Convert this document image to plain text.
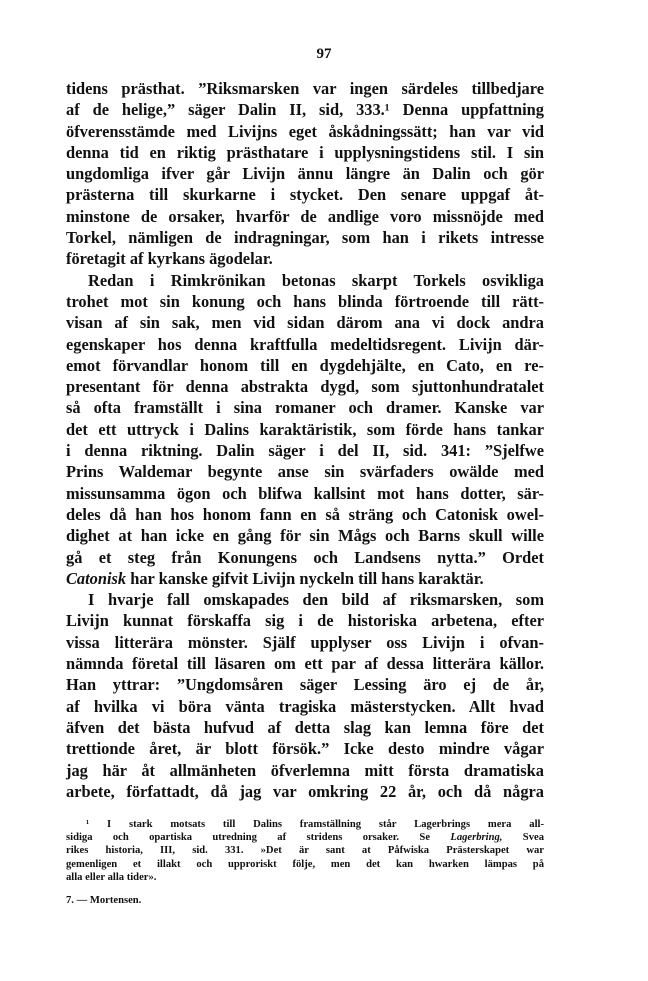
97
tidens prästhat. ”Riksmarsken var ingen särdeles tillbedjare
af de helige,” säger Dalin II, sid, 333.¹ Denna uppfattning
öfverensstämde med Livijns eget åskådningssätt; han var vid
denna tid en riktig prästhatare i upplysningstidens stil. I sin
ungdomliga ifver går Livijn ännu längre än Dalin och gör
prästerna till skurkarne i stycket. Den senare uppgaf åt-
minstone de orsaker, hvarför de andlige voro missnöjde med
Torkel, nämligen de indragningar, som han i rikets intresse
företagit af kyrkans ägodelar.
Redan i Rimkrönikan betonas skarpt Torkels osvikliga
trohet mot sin konung och hans blinda förtroende till rätt-
visan af sin sak, men vid sidan därom ana vi dock andra
egenskaper hos denna kraftfulla medeltidsregent. Livijn där-
emot förvandlar honom till en dygdehjälte, en Cato, en re-
presentant för denna abstrakta dygd, som sjuttonhundratalet
så ofta framställt i sina romaner och dramer. Kanske var
det ett uttryck i Dalins karaktäristik, som förde hans tankar
i denna riktning. Dalin säger i del II, sid. 341: ”Sjelfwe
Prins Waldemar begynte anse sin svärfaders owälde med
missunsamma ögon och blifwa kallsint mot hans dotter, sär-
deles då han hos honom fann en så sträng och Catonisk owel-
dighet at han icke en gång för sin Mågs och Barns skull wille
gå et steg från Konungens och Landsens nytta.” Ordet
Catonisk har kanske gifvit Livijn nyckeln till hans karaktär.
I hvarje fall omskapades den bild af riksmarsken, som
Livijn kunnat förskaffa sig i de historiska arbetena, efter
vissa litterära mönster. Själf upplyser oss Livijn i ofvan-
nämnda företal till läsaren om ett par af dessa litterära källor.
Han yttrar: ”Ungdomsåren säger Lessing äro ej de år,
af hvilka vi böra vänta tragiska mästerstycken. Allt hvad
äfven det bästa hufvud af detta slag kan lemna före det
trettionde året, är blott försök.” Icke desto mindre vågar
jag här åt allmänheten öfverlemna mitt första dramatiska
arbete, författadt, då jag var omkring 22 år, och då några
¹ I stark motsats till Dalins framställning står Lagerbrings mera all-
sidiga och opartiska utredning af stridens orsaker. Se Lagerbring, Svea
rikes historia, III, sid. 331. »Det är sant at Påfwiska Prästerskapet war
gemenligen et illakt och upproriskt följe, men det kan hwarken lämpas på
alla eller alla tider».
7. — Mortensen.
